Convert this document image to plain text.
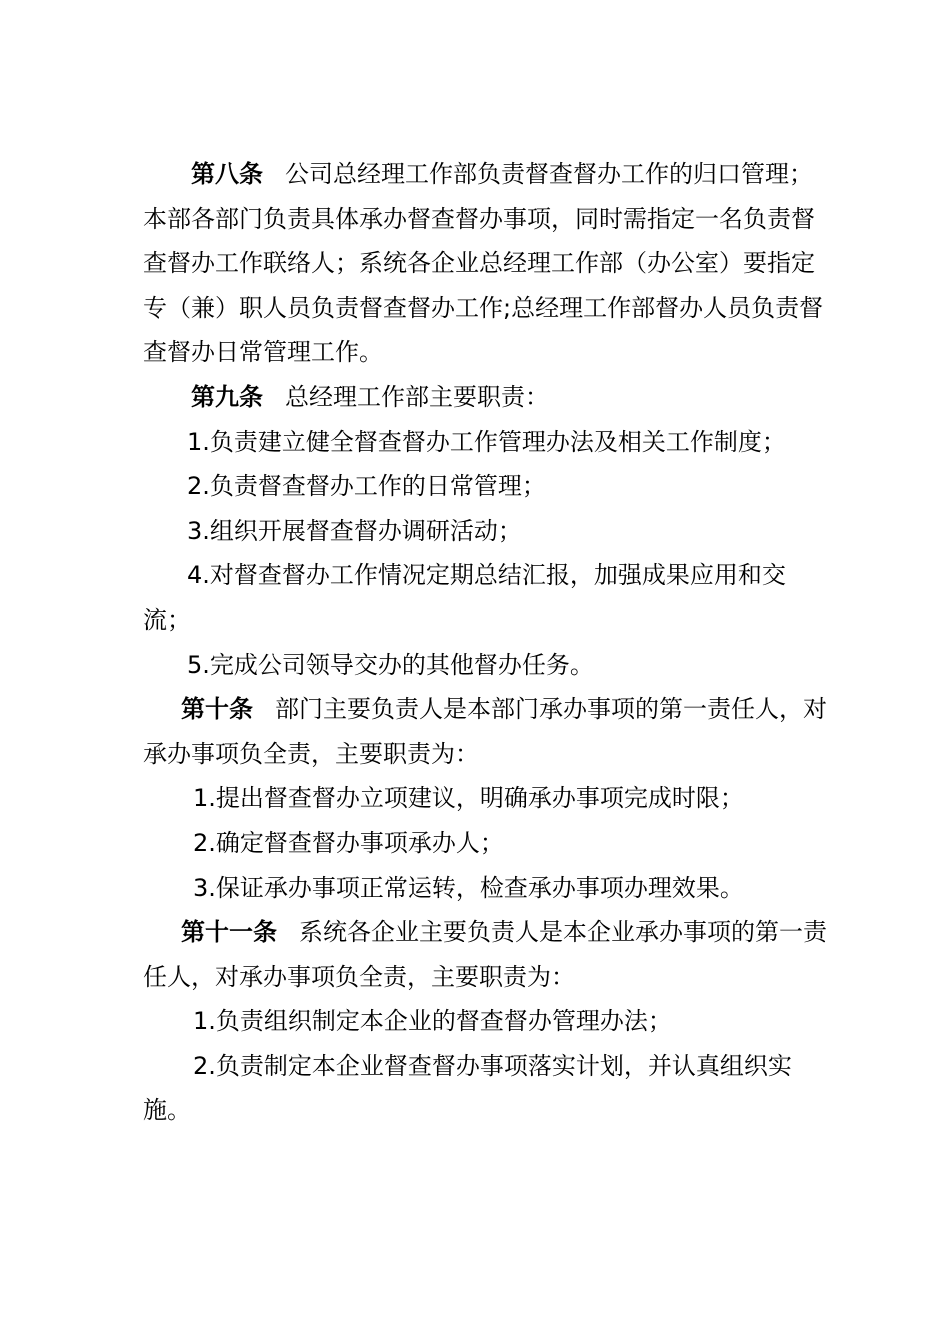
第八条 公司总经理工作部负责督查督办工作的归口管理；本部各部门负责具体承办督查督办事项，同时需指定一名负责督查督办工作联络人；系统各企业总经理工作部（办公室）要指定专（兼）职人员负责督查督办工作;总经理工作部督办人员负责督查督办日常管理工作。

第九条 总经理工作部主要职责：

1.负责建立健全督查督办工作管理办法及相关工作制度；

2.负责督查督办工作的日常管理；

3.组织开展督查督办调研活动；

4.对督查督办工作情况定期总结汇报，加强成果应用和交流；

5.完成公司领导交办的其他督办任务。

第十条 部门主要负责人是本部门承办事项的第一责任人，对承办事项负全责，主要职责为：

1.提出督查督办立项建议，明确承办事项完成时限；

2.确定督查督办事项承办人；

3.保证承办事项正常运转，检查承办事项办理效果。

第十一条 系统各企业主要负责人是本企业承办事项的第一责任人，对承办事项负全责，主要职责为：

1.负责组织制定本企业的督查督办管理办法；

2.负责制定本企业督查督办事项落实计划，并认真组织实施。
